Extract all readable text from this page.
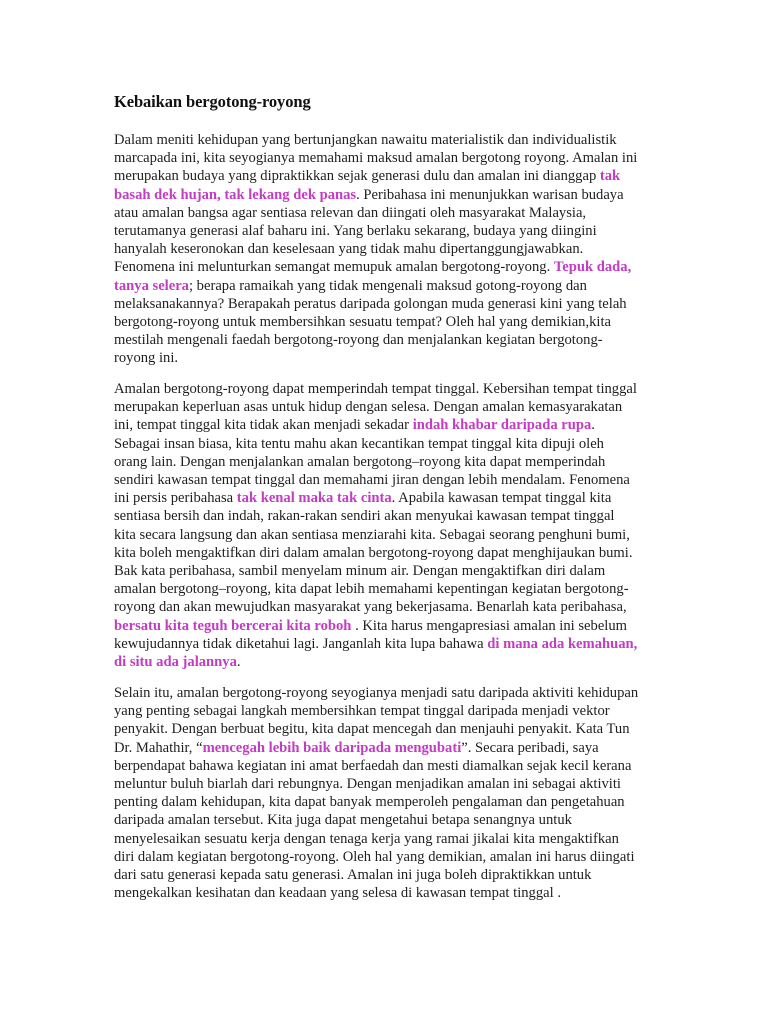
Kebaikan bergotong-royong

Dalam meniti kehidupan yang bertunjangkan nawaitu materialistik dan individualistik
marcapada ini, kita seyogianya memahami maksud amalan bergotong royong. Amalan ini
merupakan budaya yang dipraktikkan sejak generasi dulu dan amalan ini dianggap tak
basah dek hujan, tak lekang dek panas. Peribahasa ini menunjukkan warisan budaya
atau amalan bangsa agar sentiasa relevan dan diingati oleh masyarakat Malaysia,
terutamanya generasi alaf baharu ini. Yang berlaku sekarang, budaya yang diingini
hanyalah keseronokan dan keselesaan yang tidak mahu dipertanggungjawabkan.
Fenomena ini melunturkan semangat memupuk amalan bergotong-royong. Tepuk dada,
tanya selera; berapa ramaikah yang tidak mengenali maksud gotong-royong dan
melaksanakannya? Berapakah peratus daripada golongan muda generasi kini yang telah
bergotong-royong untuk membersihkan sesuatu tempat? Oleh hal yang demikian,kita
mestilah mengenali faedah bergotong-royong dan menjalankan kegiatan bergotong-
royong ini.

Amalan bergotong-royong dapat memperindah tempat tinggal. Kebersihan tempat tinggal
merupakan keperluan asas untuk hidup dengan selesa. Dengan amalan kemasyarakatan
ini, tempat tinggal kita tidak akan menjadi sekadar indah khabar daripada rupa.
Sebagai insan biasa, kita tentu mahu akan kecantikan tempat tinggal kita dipuji oleh
orang lain. Dengan menjalankan amalan bergotong–royong kita dapat memperindah
sendiri kawasan tempat tinggal dan memahami jiran dengan lebih mendalam. Fenomena
ini persis peribahasa tak kenal maka tak cinta. Apabila kawasan tempat tinggal kita
sentiasa bersih dan indah, rakan-rakan sendiri akan menyukai kawasan tempat tinggal
kita secara langsung dan akan sentiasa menziarahi kita. Sebagai seorang penghuni bumi,
kita boleh mengaktifkan diri dalam amalan bergotong-royong dapat menghijaukan bumi.
Bak kata peribahasa, sambil menyelam minum air. Dengan mengaktifkan diri dalam
amalan bergotong–royong, kita dapat lebih memahami kepentingan kegiatan bergotong-
royong dan akan mewujudkan masyarakat yang bekerjasama. Benarlah kata peribahasa,
bersatu kita teguh bercerai kita roboh . Kita harus mengapresiasi amalan ini sebelum
kewujudannya tidak diketahui lagi. Janganlah kita lupa bahawa di mana ada kemahuan,
di situ ada jalannya.

Selain itu, amalan bergotong-royong seyogianya menjadi satu daripada aktiviti kehidupan
yang penting sebagai langkah membersihkan tempat tinggal daripada menjadi vektor
penyakit. Dengan berbuat begitu, kita dapat mencegah dan menjauhi penyakit. Kata Tun
Dr. Mahathir, “mencegah lebih baik daripada mengubati”. Secara peribadi, saya
berpendapat bahawa kegiatan ini amat berfaedah dan mesti diamalkan sejak kecil kerana
meluntur buluh biarlah dari rebungnya. Dengan menjadikan amalan ini sebagai aktiviti
penting dalam kehidupan, kita dapat banyak memperoleh pengalaman dan pengetahuan
daripada amalan tersebut. Kita juga dapat mengetahui betapa senangnya untuk
menyelesaikan sesuatu kerja dengan tenaga kerja yang ramai jikalai kita mengaktifkan
diri dalam kegiatan bergotong-royong. Oleh hal yang demikian, amalan ini harus diingati
dari satu generasi kepada satu generasi. Amalan ini juga boleh dipraktikkan untuk
mengekalkan kesihatan dan keadaan yang selesa di kawasan tempat tinggal .
